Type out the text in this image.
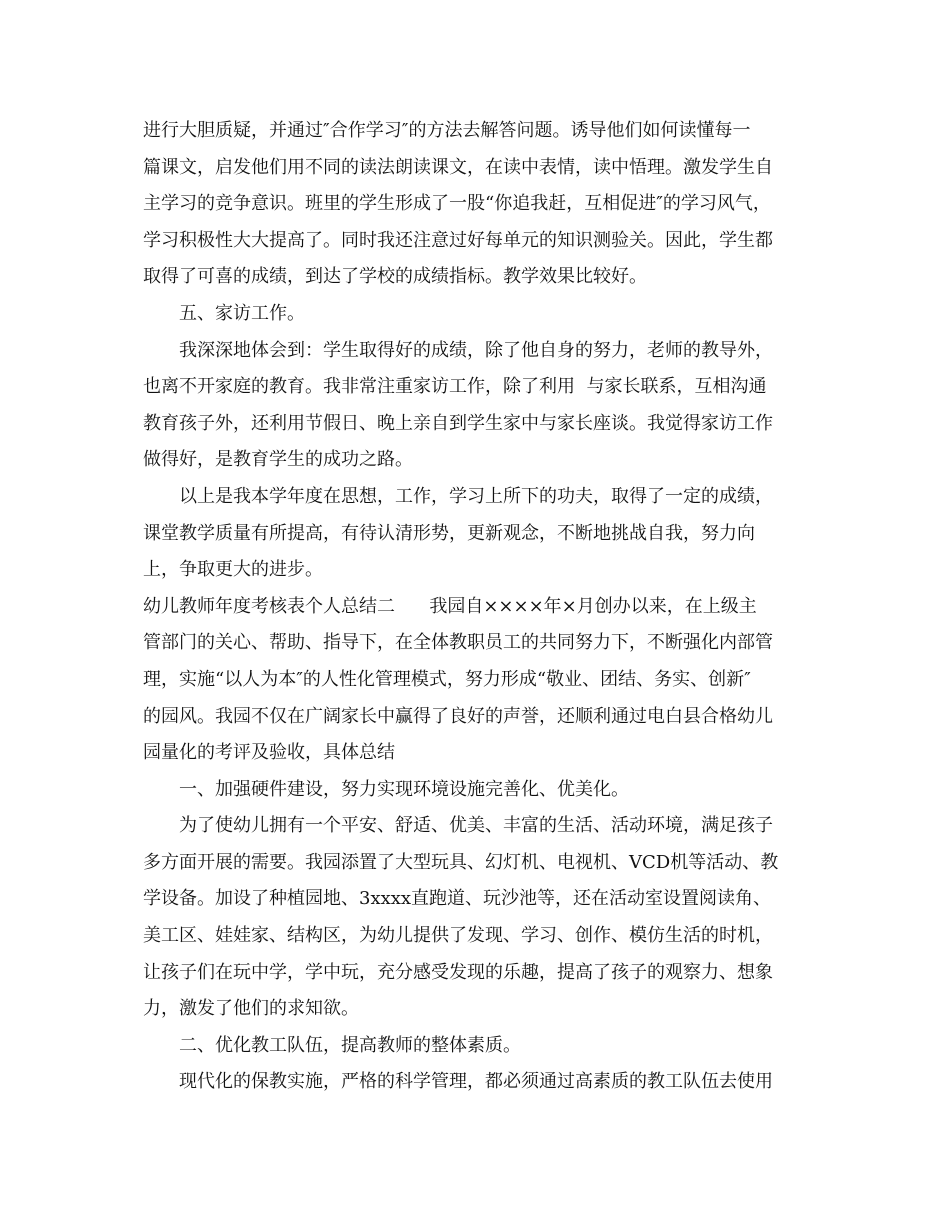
进行大胆质疑，并通过″合作学习″的方法去解答问题。诱导他们如何读懂每一
篇课文，启发他们用不同的读法朗读课文，在读中表情，读中悟理。激发学生自
主学习的竞争意识。班里的学生形成了一股“你追我赶，互相促进″的学习风气，
学习积极性大大提高了。同时我还注意过好每单元的知识测验关。因此，学生都
取得了可喜的成绩，到达了学校的成绩指标。教学效果比较好。
五、家访工作。
我深深地体会到：学生取得好的成绩，除了他自身的努力，老师的教导外，
也离不开家庭的教育。我非常注重家访工作，除了利用  与家长联系，互相沟通
教育孩子外，还利用节假日、晚上亲自到学生家中与家长座谈。我觉得家访工作
做得好，是教育学生的成功之路。
以上是我本学年度在思想，工作，学习上所下的功夫，取得了一定的成绩，
课堂教学质量有所提高，有待认清形势，更新观念，不断地挑战自我，努力向
上，争取更大的进步。
幼儿教师年度考核表个人总结二      我园自××××年×月创办以来，在上级主
管部门的关心、帮助、指导下，在全体教职员工的共同努力下，不断强化内部管
理，实施“以人为本″的人性化管理模式，努力形成“敬业、团结、务实、创新″
的园风。我园不仅在广阔家长中赢得了良好的声誉，还顺利通过电白县合格幼儿
园量化的考评及验收，具体总结
一、加强硬件建设，努力实现环境设施完善化、优美化。
为了使幼儿拥有一个平安、舒适、优美、丰富的生活、活动环境，满足孩子
多方面开展的需要。我园添置了大型玩具、幻灯机、电视机、VCD机等活动、教
学设备。加设了种植园地、3xxxx直跑道、玩沙池等，还在活动室设置阅读角、
美工区、娃娃家、结构区，为幼儿提供了发现、学习、创作、模仿生活的时机，
让孩子们在玩中学，学中玩，充分感受发现的乐趣，提高了孩子的观察力、想象
力，激发了他们的求知欲。
二、优化教工队伍，提高教师的整体素质。
现代化的保教实施，严格的科学管理，都必须通过高素质的教工队伍去使用
